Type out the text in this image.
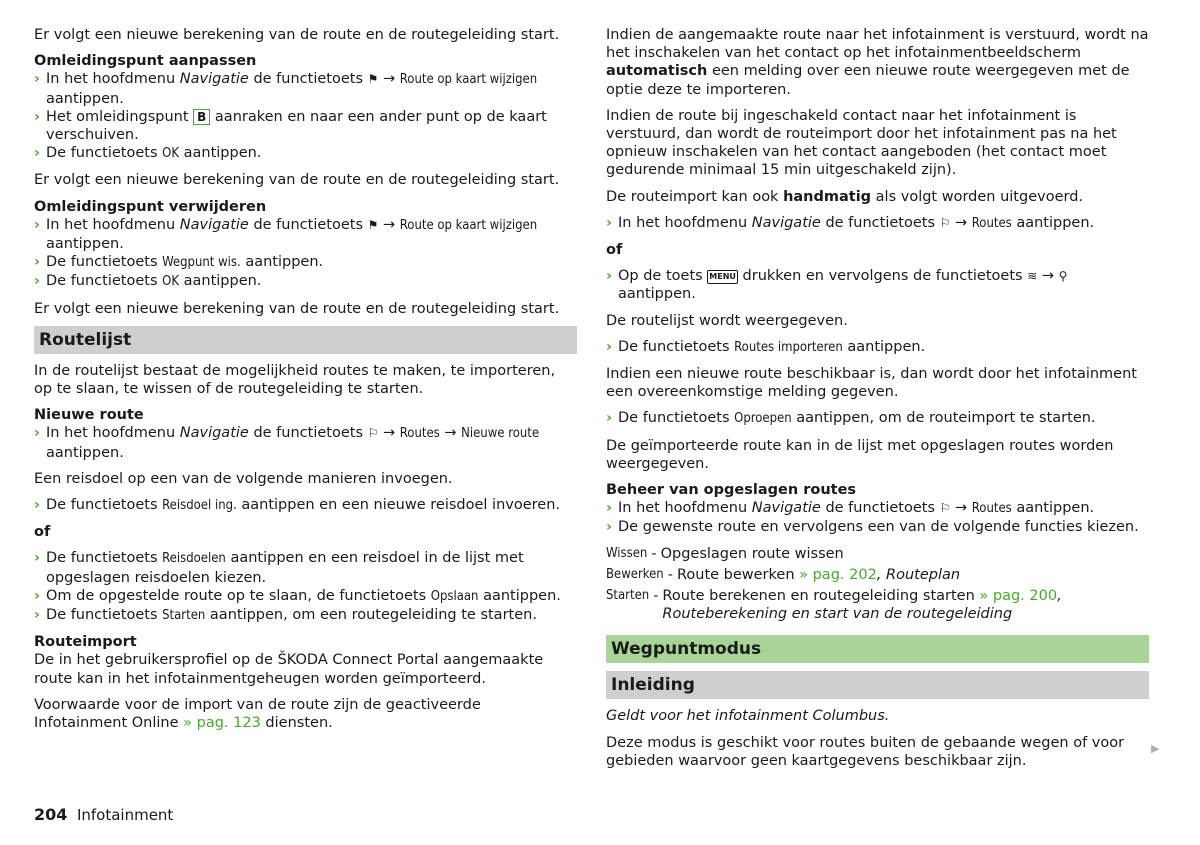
Er volgt een nieuwe berekening van de route en de routegeleiding start.

Omleidingspunt aanpassen
› In het hoofdmenu Navigatie de functietoets ⚑ → Route op kaart wijzigen aantippen.
› Het omleidingspunt B aanraken en naar een ander punt op de kaart verschuiven.
› De functietoets OK aantippen.

Er volgt een nieuwe berekening van de route en de routegeleiding start.

Omleidingspunt verwijderen
› In het hoofdmenu Navigatie de functietoets ⚑ → Route op kaart wijzigen aantippen.
› De functietoets Wegpunt wis. aantippen.
› De functietoets OK aantippen.

Er volgt een nieuwe berekening van de route en de routegeleiding start.

Routelijst

In de routelijst bestaat de mogelijkheid routes te maken, te importeren, op te slaan, te wissen of de routegeleiding te starten.

Nieuwe route
› In het hoofdmenu Navigatie de functietoets ⚐ → Routes → Nieuwe route aantippen.

Een reisdoel op een van de volgende manieren invoegen.

› De functietoets Reisdoel ing. aantippen en een nieuwe reisdoel invoeren.
of
› De functietoets Reisdoelen aantippen en een reisdoel in de lijst met opgeslagen reisdoelen kiezen.
› Om de opgestelde route op te slaan, de functietoets Opslaan aantippen.
› De functietoets Starten aantippen, om een routegeleiding te starten.
Routeimport

De in het gebruikersprofiel op de ŠKODA Connect Portal aangemaakte route kan in het infotainmentgeheugen worden geïmporteerd.

Voorwaarde voor de import van de route zijn de geactiveerde Infotainment Online » pag. 123 diensten.

Indien de aangemaakte route naar het infotainment is verstuurd, wordt na het inschakelen van het contact op het infotainmentbeeldscherm automatisch een melding over een nieuwe route weergegeven met de optie deze te importeren.

Indien de route bij ingeschakeld contact naar het infotainment is verstuurd, dan wordt de routeimport door het infotainment pas na het opnieuw inschakelen van het contact aangeboden (het contact moet gedurende minimaal 15 min uitgeschakeld zijn).

De routeimport kan ook handmatig als volgt worden uitgevoerd.

› In het hoofdmenu Navigatie de functietoets ⚐ → Routes aantippen.
of
› Op de toets MENU drukken en vervolgens de functietoets ≋ → ⚲ aantippen.

De routelijst wordt weergegeven.

› De functietoets Routes importeren aantippen.

Indien een nieuwe route beschikbaar is, dan wordt door het infotainment een overeenkomstige melding gegeven.

› De functietoets Oproepen aantippen, om de routeimport te starten.

De geïmporteerde route kan in de lijst met opgeslagen routes worden weergegeven.

Beheer van opgeslagen routes
› In het hoofdmenu Navigatie de functietoets ⚐ → Routes aantippen.
› De gewenste route en vervolgens een van de volgende functies kiezen.
Wissen - Opgeslagen route wissen
Bewerken - Route bewerken » pag. 202, Routeplan
Starten - Route berekenen en routegeleiding starten » pag. 200, Routeberekening en start van de routegeleiding
Wegpuntmodus
Inleiding

Geldt voor het infotainment Columbus.

Deze modus is geschikt voor routes buiten de gebaande wegen of voor gebieden waarvoor geen kaartgegevens beschikbaar zijn.

▶
204 Infotainment
